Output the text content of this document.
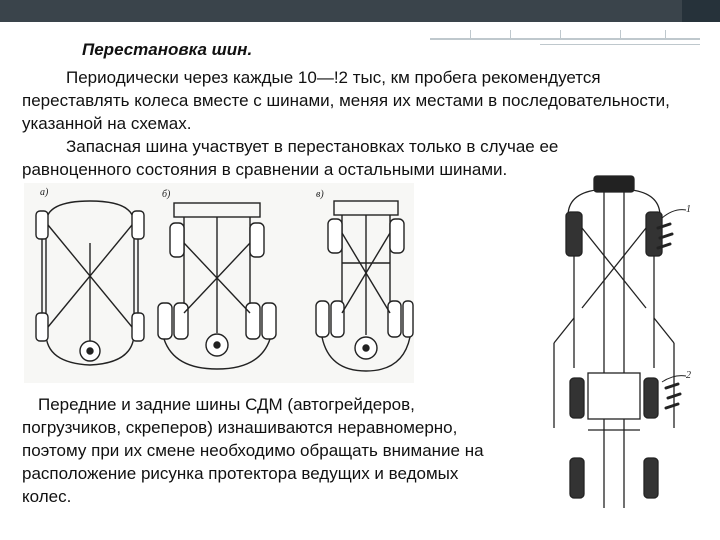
Перестановка шин.
Периодически через каждые 10—!2 тыс, км пробега рекомендуется переставлять колеса вместе с шинами, меняя их местами в последовательности, указанной на схемах.
Запасная шина участвует в перестановках только в случае ее равноценного состояния в сравнении а остальными шинами.
Передние и задние шины СДМ (автогрейдеров, погрузчиков, скреперов) изнашиваются неравномерно, поэтому при их смене необходимо обращать внимание на расположение рисунка протектора ведущих и ведомых колес.
а)	б)	в)
1
2
